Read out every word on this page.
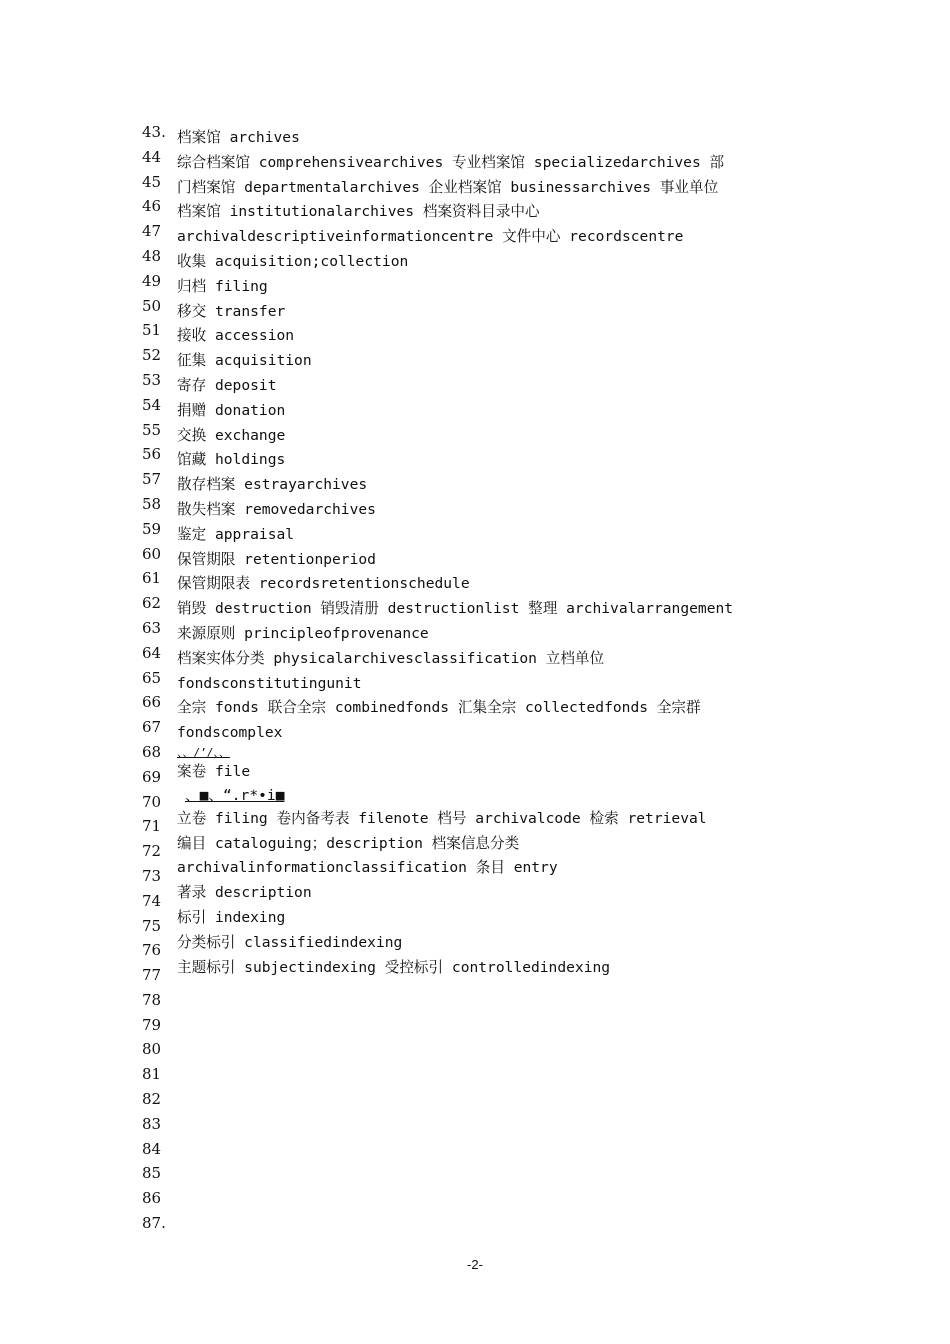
43.
44
45
46
47
48
49
50
51
52
53
54
55
56
57
58
59
60
61
62
63
64
65
66
67
68
69
70
71
72
73
74
75
76
77
78
79
80
81
82
83
84
85
86
87.
档案馆 archives
综合档案馆 comprehensivearchives 专业档案馆 specializedarchives 部
门档案馆 departmentalarchives 企业档案馆 businessarchives 事业单位
档案馆 institutionalarchives 档案资料目录中心
archivaldescriptiveinformationcentre 文件中心 recordscentre
收集 acquisition;collection
归档 filing
移交 transfer
接收 accession
征集 acquisition
寄存 deposit
捐赠 donation
交换 exchange
馆藏 holdings
散存档案 estrayarchives
散失档案 removedarchives
鉴定 appraisal
保管期限 retentionperiod
保管期限表 recordsretentionschedule
销毁 destruction 销毁清册 destructionlist 整理 archivalarrangement
来源原则 principleofprovenance
档案实体分类 physicalarchivesclassification 立档单位
fondsconstitutingunit
全宗 fonds 联合全宗 combinedfonds 汇集全宗 collectedfonds 全宗群
fondscomplex
、、/’/、、
案卷 file
、■、“.r*•i■
立卷 filing 卷内备考表 filenote 档号 archivalcode 检索 retrieval
编目 cataloguing；description 档案信息分类
archivalinformationclassification 条目 entry
著录 description
标引 indexing
分类标引 classifiedindexing
主题标引 subjectindexing 受控标引 controlledindexing
-2-
